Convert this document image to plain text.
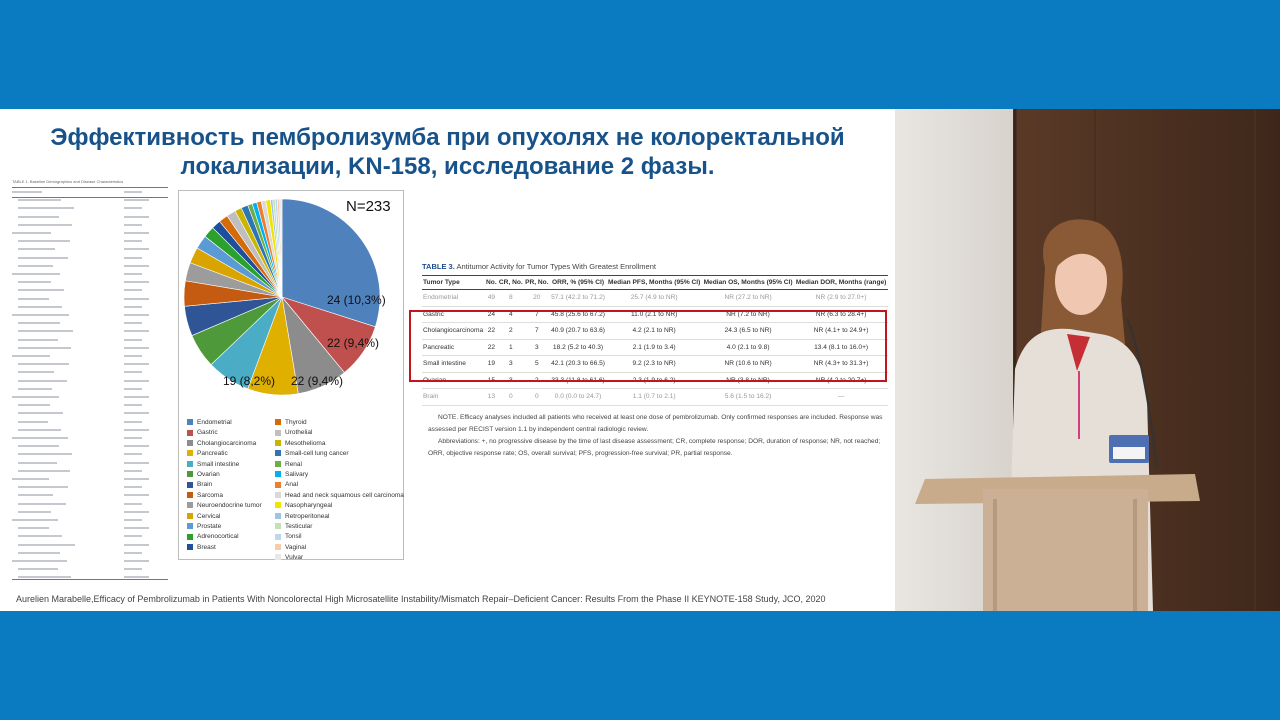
Эффективность пембролизумба при опухолях не колоректальной
локализации, KN-158, исследование 2 фазы.
TABLE 1. Baseline Demographics and Disease Characteristics
24 (10,3%)
22 (9,4%)
22 (9,4%)
19 (8,2%)
N=233
Endometrial
Gastric
Cholangiocarcinoma
Pancreatic
Small intestine
Ovarian
Brain
Sarcoma
Neuroendocrine tumor
Cervical
Prostate
Adrenocortical
Breast
Thyroid
Urothelial
Mesothelioma
Small-cell lung cancer
Renal
Salivary
Anal
Head and neck squamous cell carcinoma
Nasopharyngeal
Retroperitoneal
Testicular
Tonsil
Vaginal
Vulvar
TABLE 3. Antitumor Activity for Tumor Types With Greatest Enrollment
Tumor Type	No.	CR, No.	PR, No.	ORR, % (95% CI)	Median PFS, Months (95% CI)	Median OS, Months (95% CI)	Median DOR, Months (range)
Endometrial	49	8	20	57.1 (42.2 to 71.2)	25.7 (4.9 to NR)	NR (27.2 to NR)	NR (2.9 to 27.0+)
Gastric	24	4	7	45.8 (25.6 to 67.2)	11.0 (2.1 to NR)	NR (7.2 to NR)	NR (6.3 to 28.4+)
Cholangiocarcinoma	22	2	7	40.9 (20.7 to 63.6)	4.2 (2.1 to NR)	24.3 (6.5 to NR)	NR (4.1+ to 24.9+)
Pancreatic	22	1	3	18.2 (5.2 to 40.3)	2.1 (1.9 to 3.4)	4.0 (2.1 to 9.8)	13.4 (8.1 to 16.0+)
Small intestine	19	3	5	42.1 (20.3 to 66.5)	9.2 (2.3 to NR)	NR (10.6 to NR)	NR (4.3+ to 31.3+)
Ovarian	15	3	2	33.3 (11.8 to 61.6)	2.3 (1.9 to 6.2)	NR (3.8 to NR)	NR (4.2 to 20.7+)
Brain	13	0	0	0.0 (0.0 to 24.7)	1.1 (0.7 to 2.1)	5.6 (1.5 to 16.2)	—

NOTE. Efficacy analyses included all patients who received at least one dose of pembrolizumab. Only confirmed responses are included. Response was assessed per RECIST version 1.1 by independent central radiologic review.

Abbreviations: +, no progressive disease by the time of last disease assessment; CR, complete response; DOR, duration of response; NR, not reached; ORR, objective response rate; OS, overall survival; PFS, progression-free survival; PR, partial response.

Aurelien Marabelle,Efficacy of Pembrolizumab in Patients With Noncolorectal High Microsatellite Instability/Mismatch Repair–Deficient Cancer: Results From the Phase II KEYNOTE-158 Study, JCO, 2020
